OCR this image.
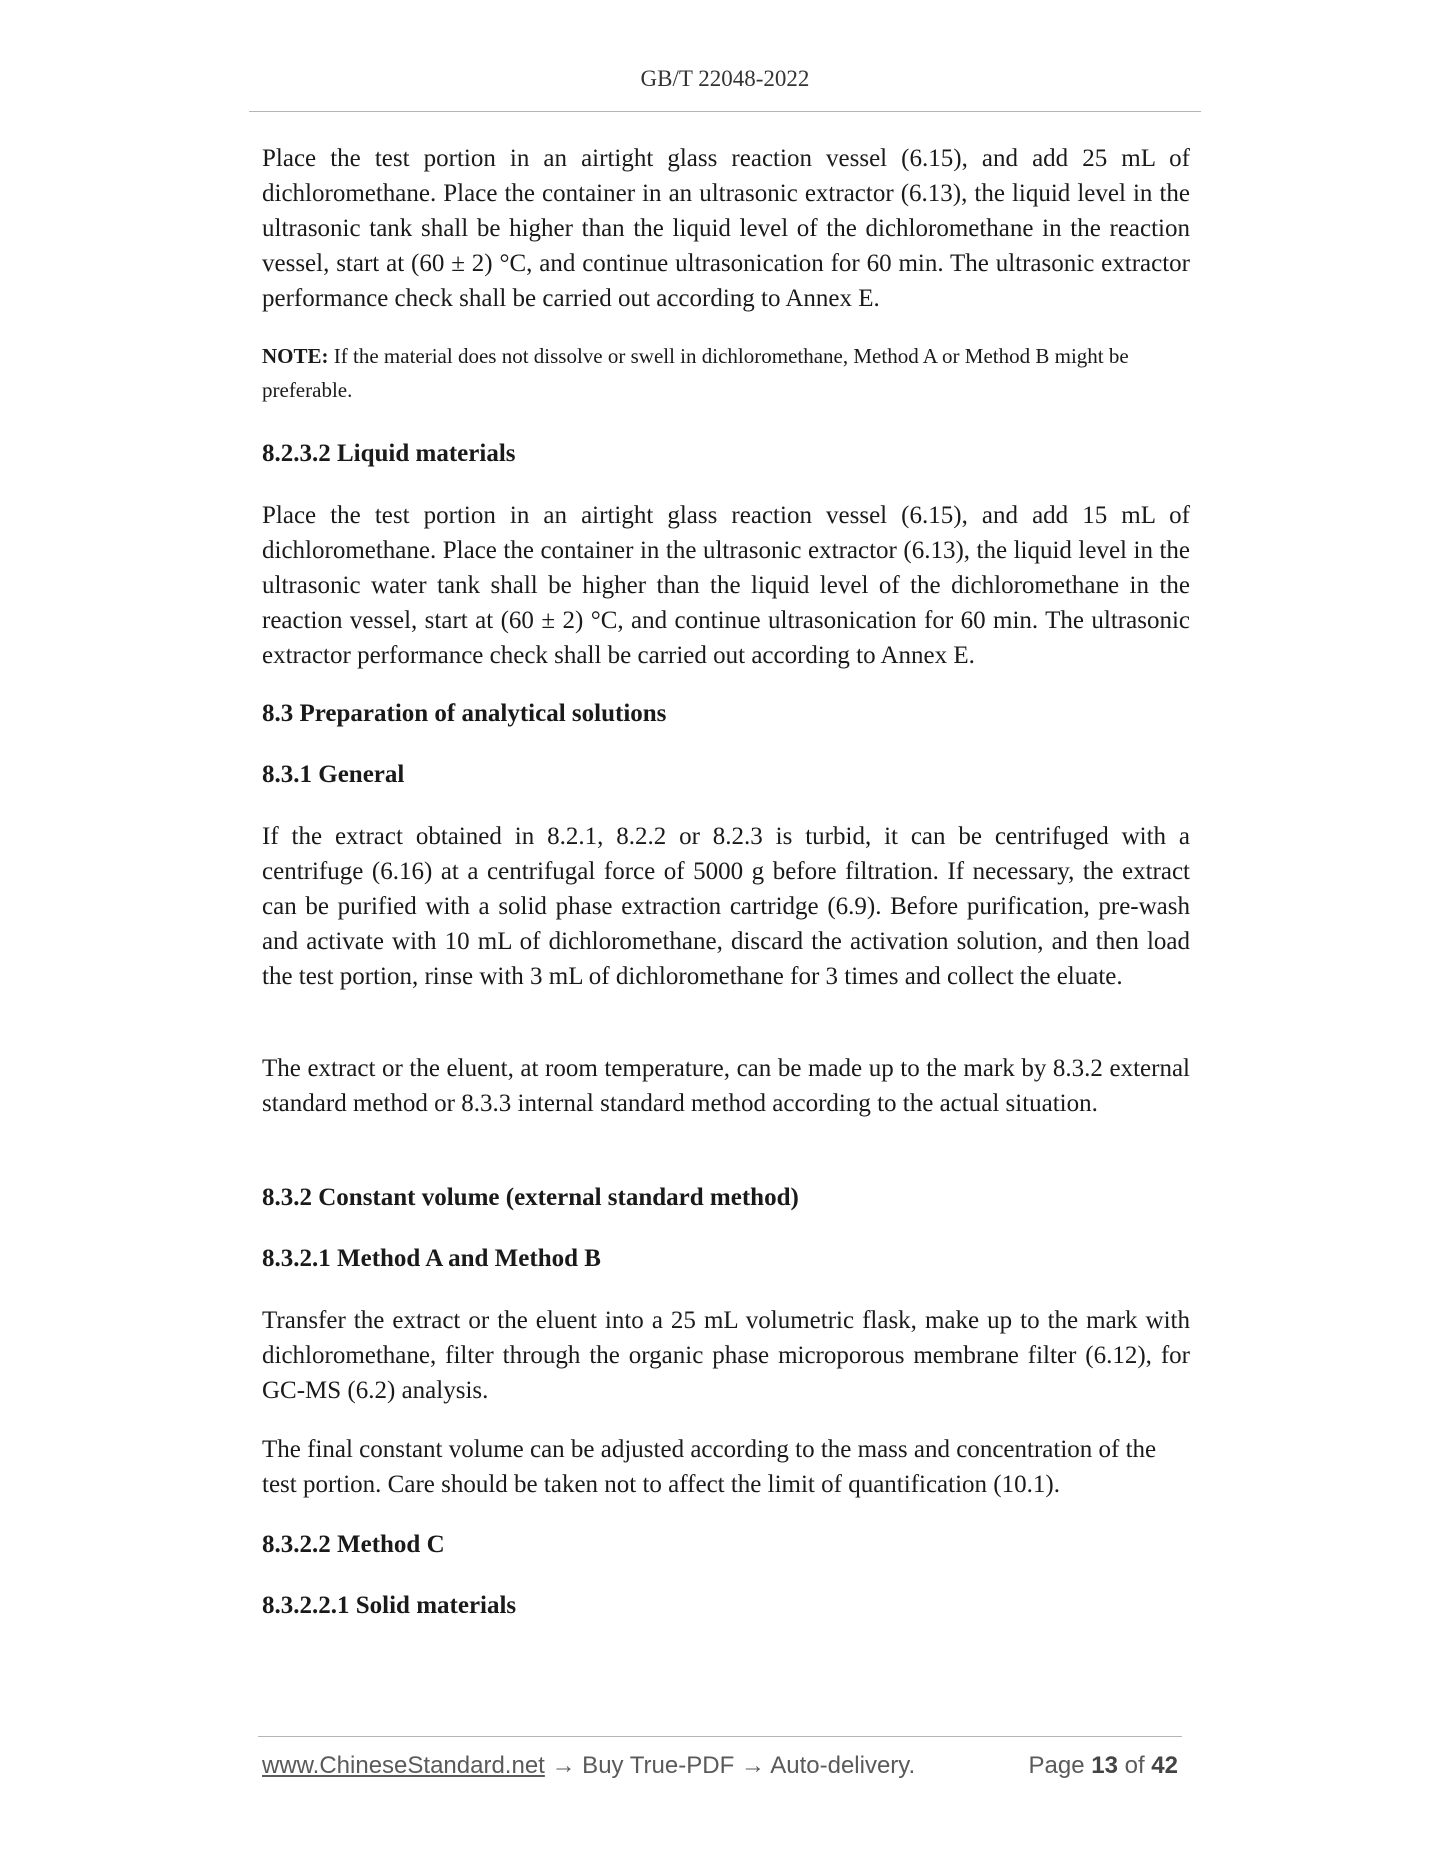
GB/T 22048-2022

Place the test portion in an airtight glass reaction vessel (6.15), and add 25 mL of dichloromethane. Place the container in an ultrasonic extractor (6.13), the liquid level in the ultrasonic tank shall be higher than the liquid level of the dichloromethane in the reaction vessel, start at (60 ± 2) °C, and continue ultrasonication for 60 min. The ultrasonic extractor performance check shall be carried out according to Annex E.

NOTE: If the material does not dissolve or swell in dichloromethane, Method A or Method B might be preferable.

8.2.3.2 Liquid materials

Place the test portion in an airtight glass reaction vessel (6.15), and add 15 mL of dichloromethane. Place the container in the ultrasonic extractor (6.13), the liquid level in the ultrasonic water tank shall be higher than the liquid level of the dichloromethane in the reaction vessel, start at (60 ± 2) °C, and continue ultrasonication for 60 min. The ultrasonic extractor performance check shall be carried out according to Annex E.

8.3 Preparation of analytical solutions
8.3.1 General

If the extract obtained in 8.2.1, 8.2.2 or 8.2.3 is turbid, it can be centrifuged with a centrifuge (6.16) at a centrifugal force of 5000 g before filtration. If necessary, the extract can be purified with a solid phase extraction cartridge (6.9). Before purification, pre-wash and activate with 10 mL of dichloromethane, discard the activation solution, and then load the test portion, rinse with 3 mL of dichloromethane for 3 times and collect the eluate.

The extract or the eluent, at room temperature, can be made up to the mark by 8.3.2 external standard method or 8.3.3 internal standard method according to the actual situation.

8.3.2 Constant volume (external standard method)
8.3.2.1 Method A and Method B

Transfer the extract or the eluent into a 25 mL volumetric flask, make up to the mark with dichloromethane, filter through the organic phase microporous membrane filter (6.12), for GC-MS (6.2) analysis.

The final constant volume can be adjusted according to the mass and concentration of the test portion. Care should be taken not to affect the limit of quantification (10.1).

8.3.2.2 Method C
8.3.2.2.1 Solid materials
www.ChineseStandard.net → Buy True-PDF → Auto-delivery.	Page 13 of 42
